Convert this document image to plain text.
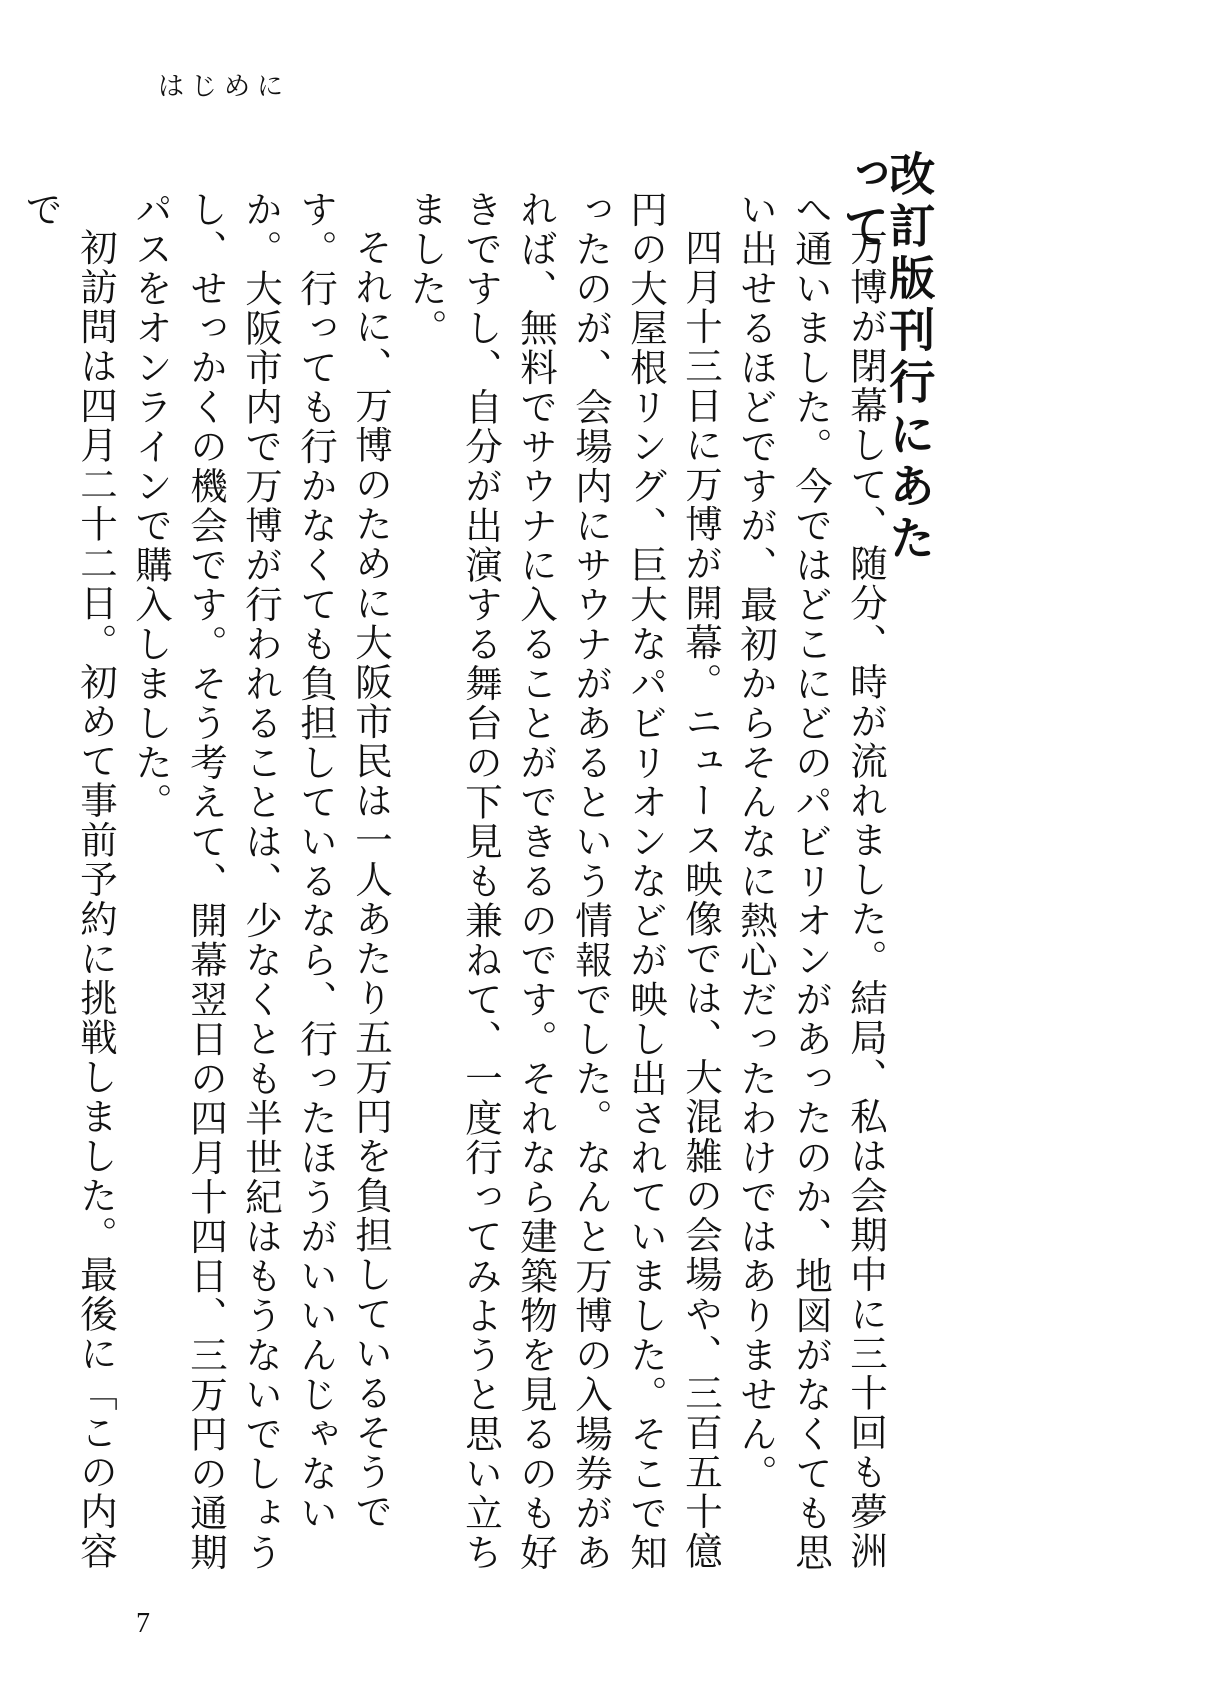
はじめに
改訂版刊行にあたって

万博が閉幕して、随分、時が流れました。結局、私は会期中に三十回も夢洲へ通いました。今ではどこにどのパビリオンがあったのか、地図がなくても思い出せるほどですが、最初からそんなに熱心だったわけではありません。

四月十三日に万博が開幕。ニュース映像では、大混雑の会場や、三百五十億円の大屋根リング、巨大なパビリオンなどが映し出されていました。そこで知ったのが、会場内にサウナがあるという情報でした。なんと万博の入場券があれば、無料でサウナに入ることができるのです。それなら建築物を見るのも好きですし、自分が出演する舞台の下見も兼ねて、一度行ってみようと思い立ちました。

それに、万博のために大阪市民は一人あたり五万円を負担しているそうです。行っても行かなくても負担しているなら、行ったほうがいいんじゃないか。大阪市内で万博が行われることは、少なくとも半世紀はもうないでしょうし、せっかくの機会です。そう考えて、開幕翌日の四月十四日、三万円の通期パスをオンラインで購入しました。

初訪問は四月二十二日。初めて事前予約に挑戦しました。最後に「この内容で

7
